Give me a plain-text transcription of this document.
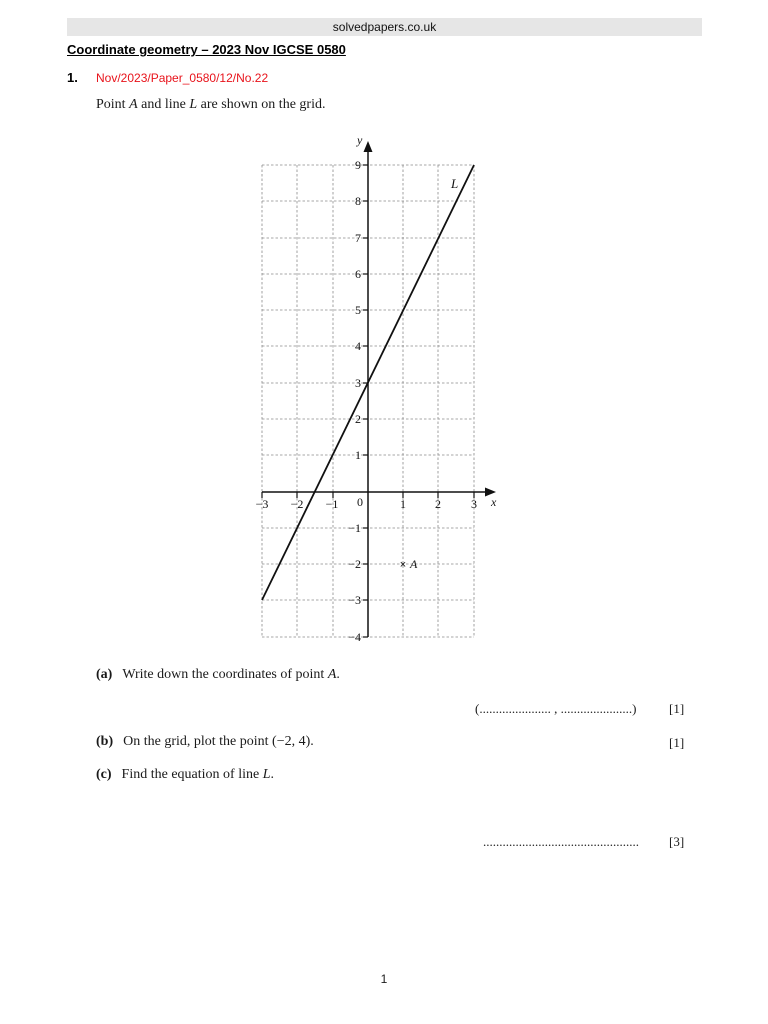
solvedpapers.co.uk
Coordinate geometry – 2023 Nov IGCSE 0580
1. Nov/2023/Paper_0580/12/No.22
Point A and line L are shown on the grid.
x
y
0
−3 −2 −1	1 2	3
9
8
7
6
5
4
3
2
1
−1
−2
−3
−4
L
× A
(a) Write down the coordinates of point A.
(...................... , ......................)	[1]
(b) On the grid, plot the point (−2, 4).	[1]
(c) Find the equation of line L.
................................................ [3]
1
